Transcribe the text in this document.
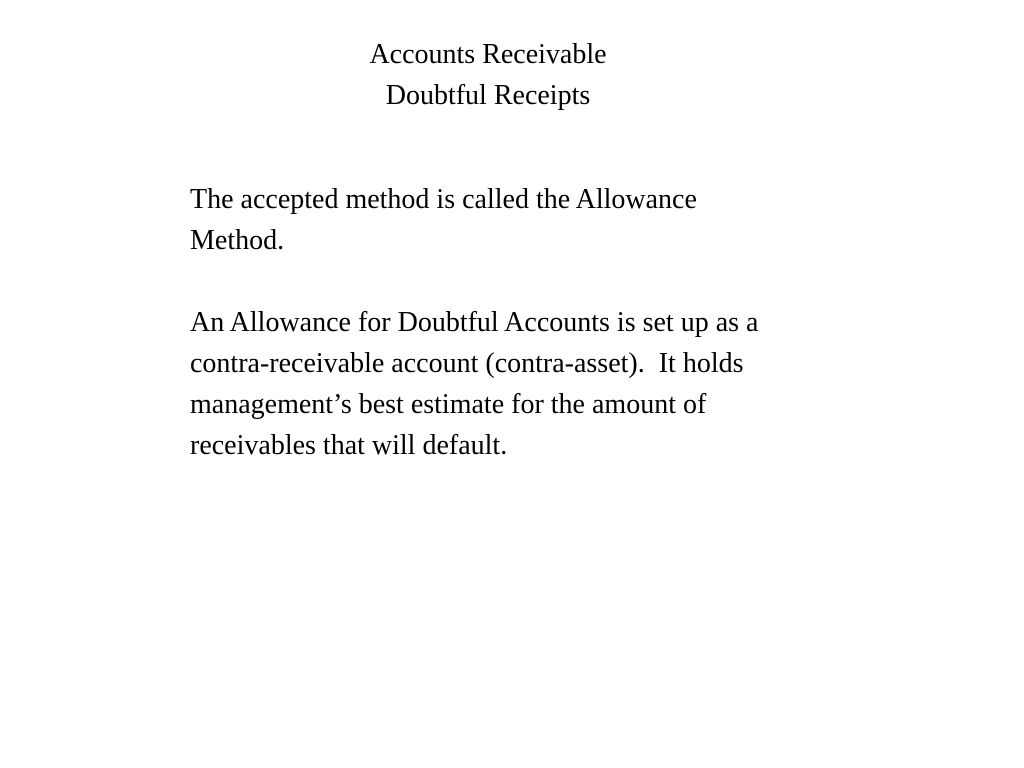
Accounts Receivable
Doubtful Receipts

The accepted method is called the Allowance
Method.

An Allowance for Doubtful Accounts is set up as a
contra-receivable account (contra-asset).  It holds
management’s best estimate for the amount of
receivables that will default.
